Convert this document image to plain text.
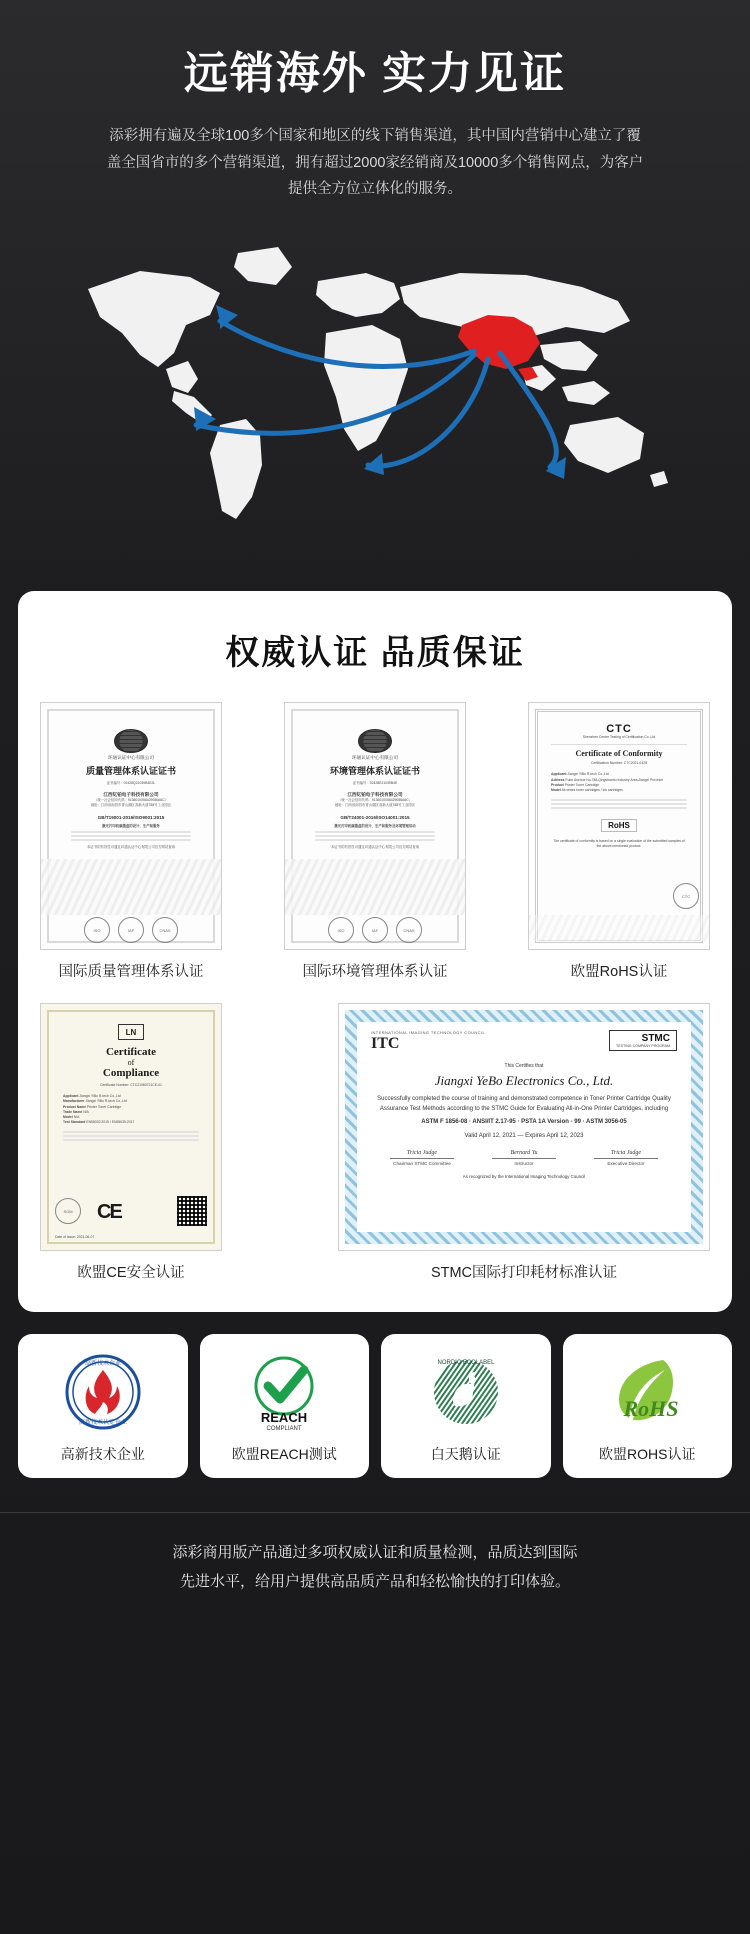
远销海外 实力见证

添彩拥有遍及全球100多个国家和地区的线下销售渠道，其中国内营销中心建立了覆盖全国省市的多个营销渠道，拥有超过2000家经销商及10000多个销售网点，为客户提供全方位立体化的服务。

权威认证 品质保证
环通认证中心有限公司
质量管理体系认证证书
证书编号：02428Q21039B4E2L
江西钇铂电子科技有限公司
（统一社会信用代码：9136010056429056A6C）
地址：江西省南昌市青山湖区高新大道788号工业园区
GB/T19001-2016/ISO9001:2015
激光打印机碳墨盒的设计、生产和服务
本证书的有效性可通过环通认证中心有限公司官方网站查询
ISO	IAF	CNAS
国际质量管理体系认证
环通认证中心有限公司
环境管理体系认证证书
证书编号：02428E21039B4E
江西钇铂电子科技有限公司
（统一社会信用代码：9136010056429056A6C）
地址：江西省南昌市青山湖区高新大道788号工业园区
GB/T24001-2016/ISO14001:2015
激光打印机碳墨盒的设计、生产和服务及环境管理活动
本证书的有效性可通过环通认证中心有限公司官方网站查询
ISO	IAF	CNAS
国际环境管理体系认证
CTC
Shenzhen Center Testing of Certification Co.,Ltd
Certificate of Conformity
Certification Number: CTC2021-0425
Applicant Jiangxi YiBo R-tech Co.,Ltd
Address Fubo Avenue No.788,Qingshanhu Industry Area,Jiangxi Province
Product Printer Toner Cartridge
Model All series toner cartridges / ink cartridges
RoHS
The certificate of conformity is based on a single evaluation of the submitted samples of the above mentioned product.
CTC
欧盟RoHS认证
LN
Certificate
of
Compliance
Certificate Number: CTC21060721CE-01
Applicant Jiangxi YiBo R-tech Co.,Ltd
Manufacturer Jiangxi YiBo R-tech Co.,Ltd
Product Name Printer Toner Cartridge
Trade Name N/A
Model N/A
Test Standard EN55032:2015 / EN55035:2017
SGM	CE
Date of Issue: 2021-06-07
欧盟CE安全认证
INTERNATIONAL IMAGING TECHNOLOGY COUNCIL
ITC	STMC
TESTING COMPANY PROGRAM
This Certifies that
Jiangxi YeBo Electronics Co., Ltd.
Successfully completed the course of training and demonstrated competence in Toner Printer Cartridge Quality Assurance Test Methods according to the STMC Guide for Evaluating All-in-One Printer Cartridges, including
ASTM F 1856-08 · ANSI/IT 2.17-95 · PSTA 1A Version - 99 · ASTM 3056-05
Valid April 12, 2021 — Expires April 12, 2023
Tricia Judge
Chairman STMC Committee
Bernard Yu
Instructor
Tricia Judge
Executive Director
As recognized by the International Imaging Technology Council
STMC国际打印耗材标准认证
高新技术企业
高新技术认定企业
高新技术企业
REACH
COMPLIANT
欧盟REACH测试
NORDIC ECOLABEL
白天鹅认证
RoHS
欧盟ROHS认证

添彩商用版产品通过多项权威认证和质量检测，品质达到国际

先进水平，给用户提供高品质产品和轻松愉快的打印体验。
